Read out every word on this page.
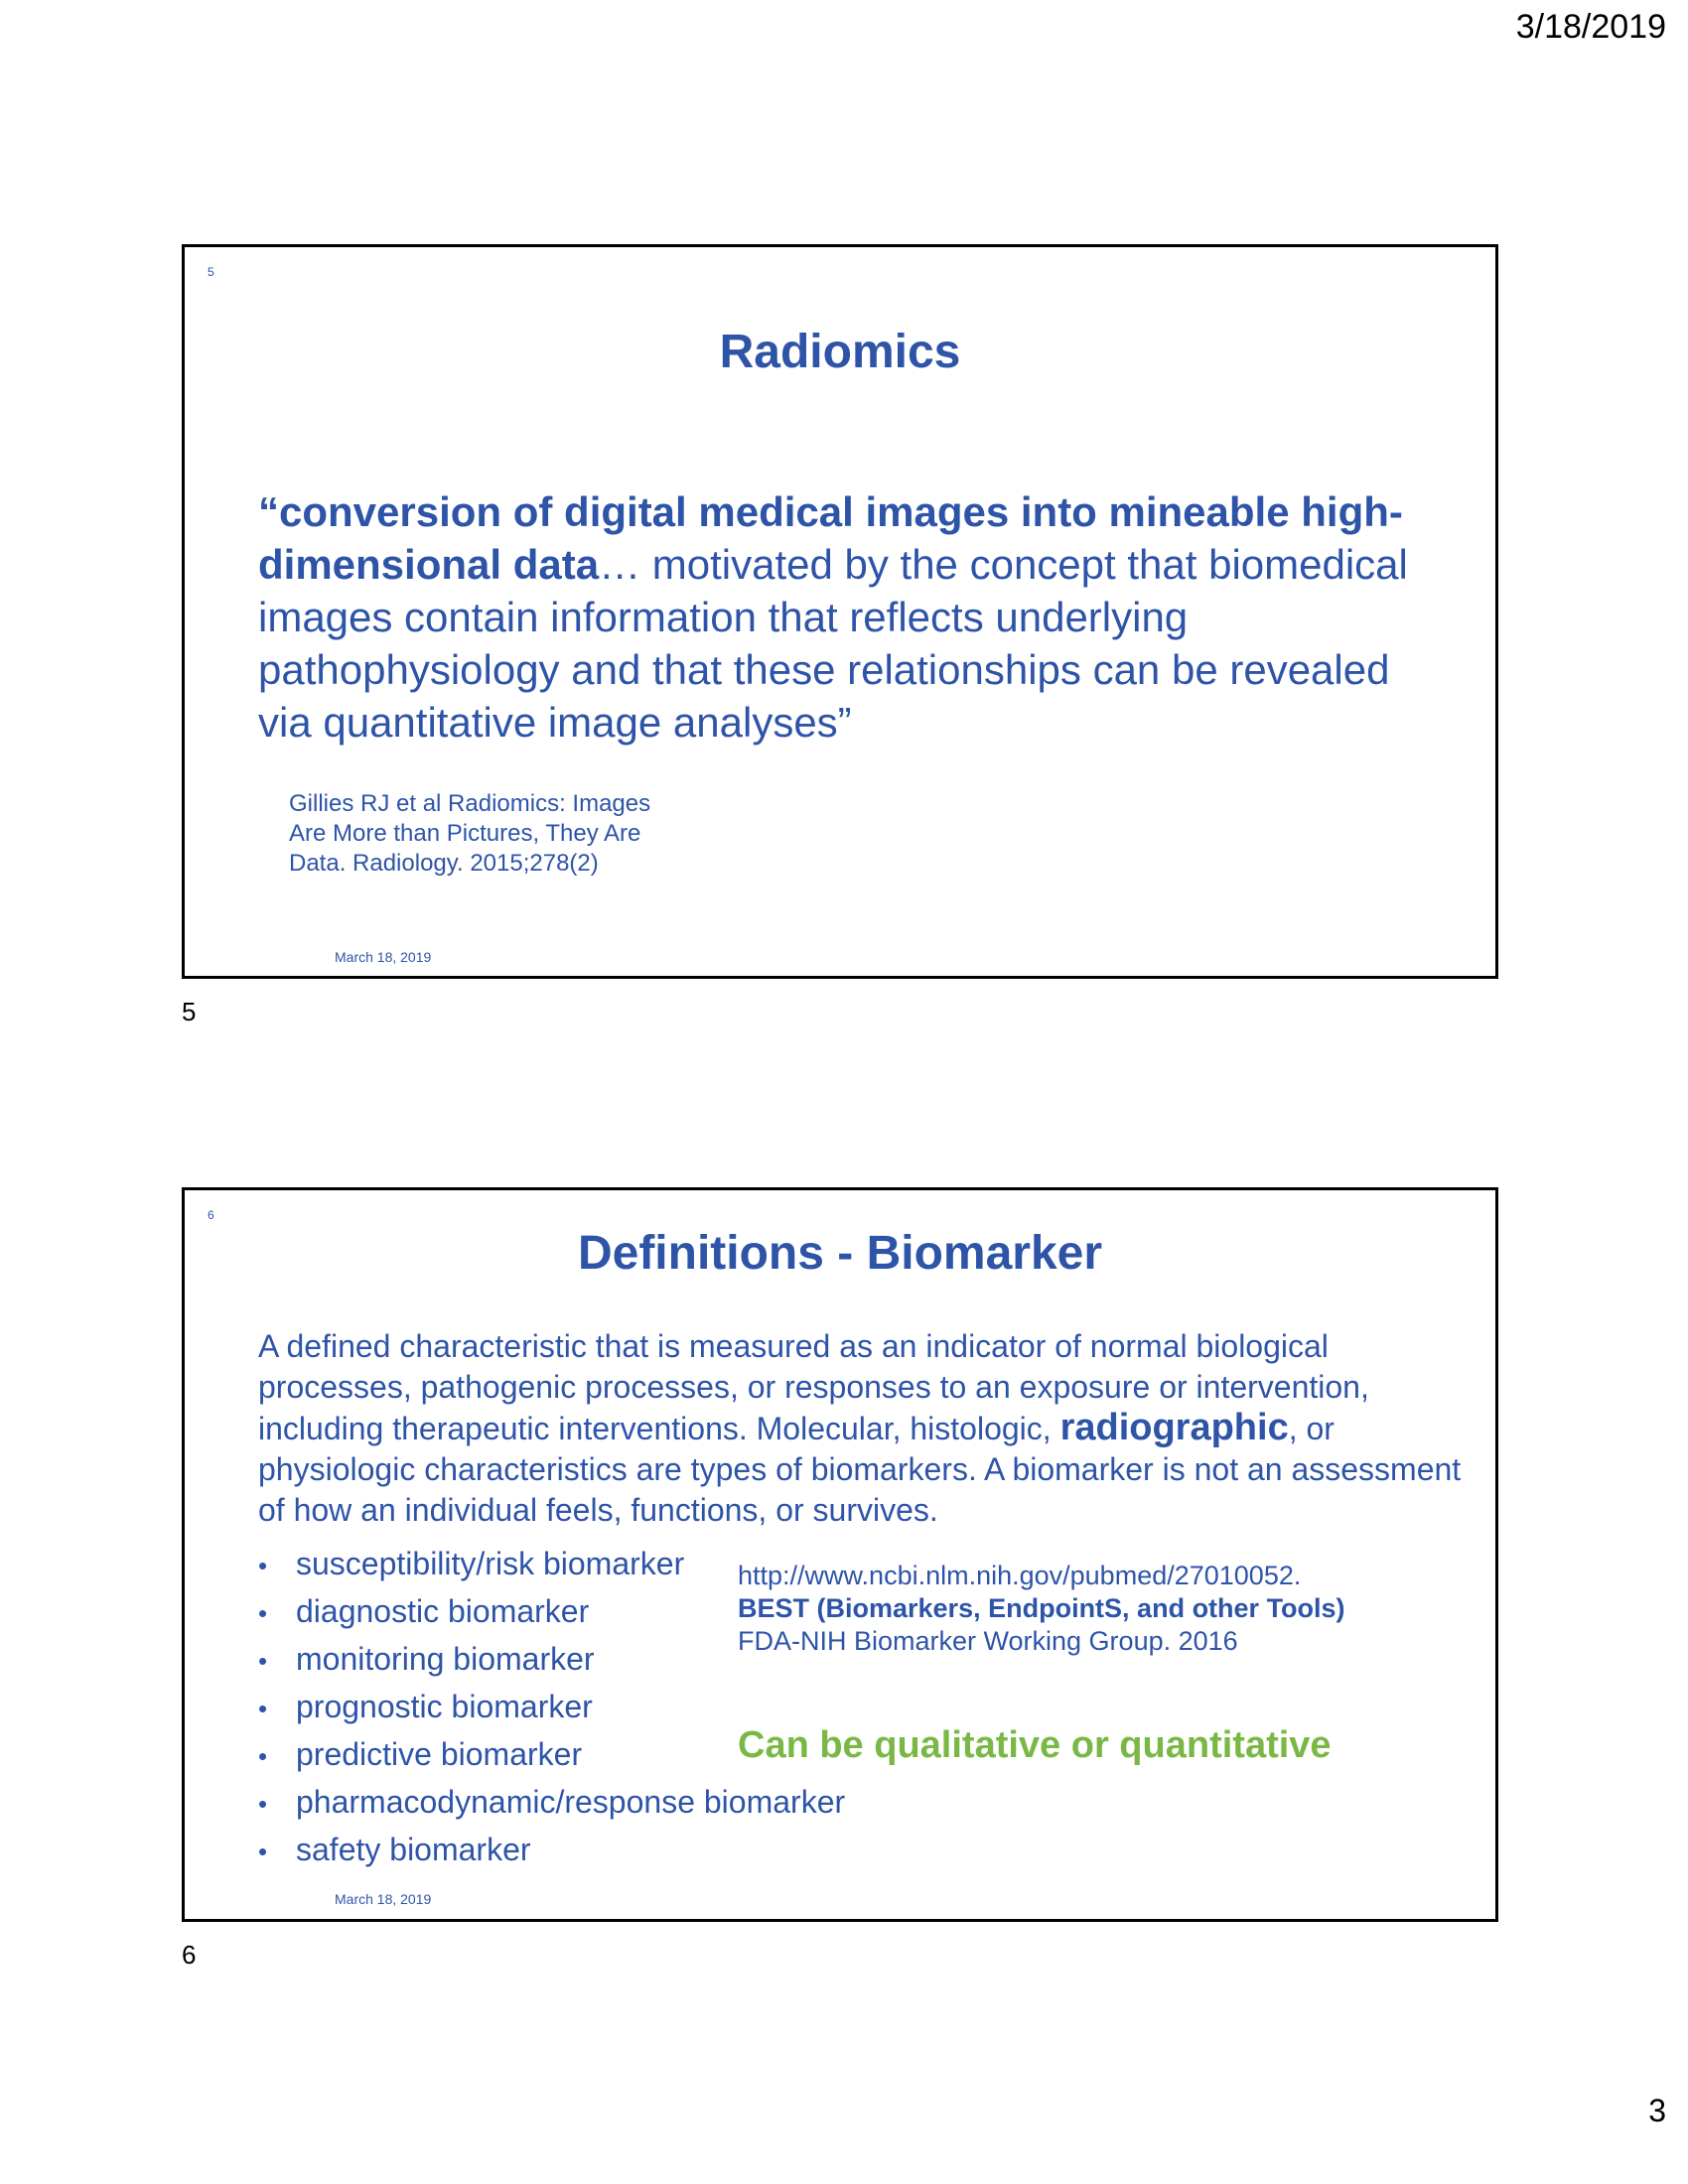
3/18/2019
5
Radiomics
“conversion of digital medical images into mineable high-dimensional data… motivated by the concept that biomedical images contain information that reflects underlying pathophysiology and that these relationships can be revealed via quantitative image analyses”
Gillies RJ et al Radiomics: Images
Are More than Pictures, They Are
Data. Radiology. 2015;278(2)
March 18, 2019
5
6
Definitions - Biomarker
A defined characteristic that is measured as an indicator of normal biological processes, pathogenic processes, or responses to an exposure or intervention, including therapeutic interventions. Molecular, histologic, radiographic, or physiologic characteristics are types of biomarkers. A biomarker is not an assessment of how an individual feels, functions, or survives.
• susceptibility/risk biomarker
• diagnostic biomarker
• monitoring biomarker
• prognostic biomarker
• predictive biomarker
• pharmacodynamic/response biomarker
• safety biomarker
http://www.ncbi.nlm.nih.gov/pubmed/27010052.
BEST (Biomarkers, EndpointS, and other Tools)
FDA-NIH Biomarker Working Group. 2016
Can be qualitative or quantitative
March 18, 2019
6
3
